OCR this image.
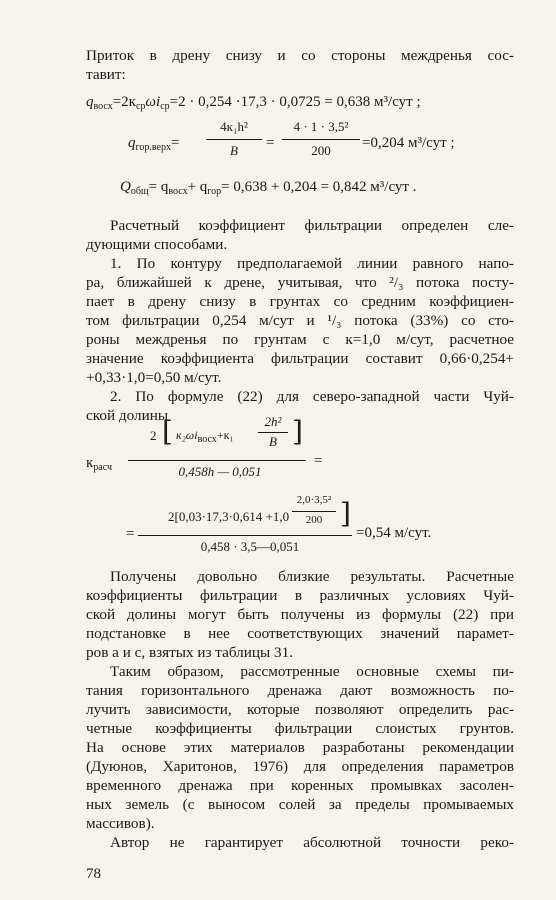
Приток в дрену снизу и со стороны междренья сос-
тавит:
$q_{восх}=2к_{ср}\omega i_{ср}=2 \cdot 0,254 \cdot 17,3 \cdot 0,0725 = 0,638$ м³/сут ;
$q_{гор.верх}=$
4к₁h²
B	=
4 · 1 · 3,5²
200	=0,204 м³/сут ;
$Q_{общ}= q_{восх}+ q_{гор}= 0,638 + 0,204 = 0,842$ м³/сут .
Расчетный коэффициент фильтрации определен сле-
дующими способами.
1. По контуру предполагаемой линии равного напо-
ра, ближайшей к дрене, учитывая, что ²/₃ потока посту-
пает в дрену снизу в грунтах со средним коэффициен-
том фильтрации 0,254 м/сут и ¹/₃ потока (33%) со сто-
роны междренья по грунтам с к=1,0 м/сут, расчетное
значение коэффициента фильтрации составит 0,66·0,254+
+0,33·1,0=0,50 м/сут.
2. По формуле (22) для северо-западной части Чуй-
ской долины
$к_{расч}$
2 [ $к_2\omega i_{восх}+к_1$
2h²
B ]
0,458h — 0,051
=
2[0,03·17,3·0,614 +1,0
2,0·3,5²
200 ]
=
0,458 · 3,5—0,051
=0,54 м/сут.
Получены довольно близкие результаты. Расчетные
коэффициенты фильтрации в различных условиях Чуй-
ской долины могут быть получены из формулы (22) при
подстановке в нее соответствующих значений парамет-
ров a и c, взятых из таблицы 31.
Таким образом, рассмотренные основные схемы пи-
тания горизонтального дренажа дают возможность по-
лучить зависимости, которые позволяют определить рас-
четные коэффициенты фильтрации слоистых грунтов.
На основе этих материалов разработаны рекомендации
(Дуюнов, Харитонов, 1976) для определения параметров
временного дренажа при коренных промывках засолен-
ных земель (с выносом солей за пределы промываемых
массивов).
Автор не гарантирует абсолютной точности реко-
78
